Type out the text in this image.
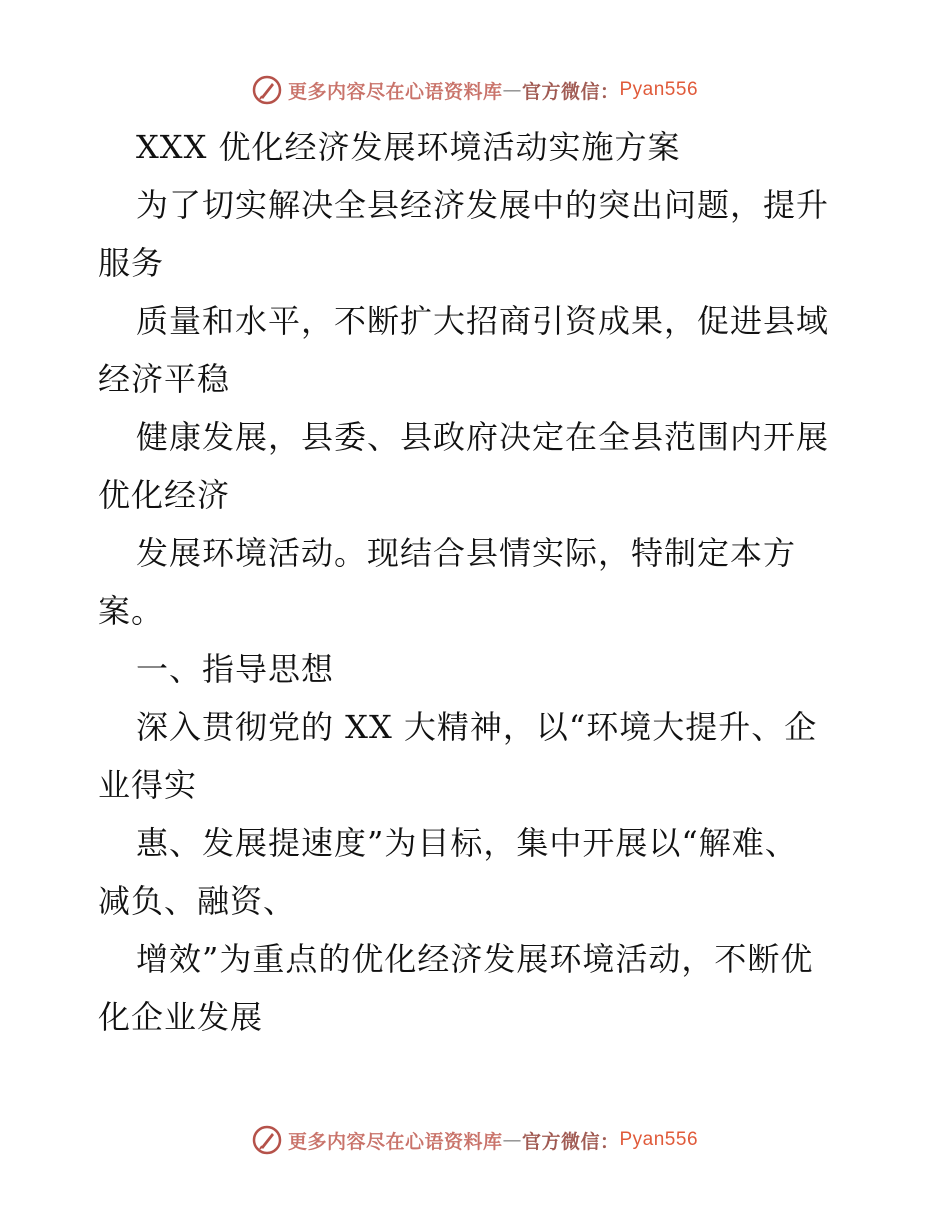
更多内容尽在心语资料库 — 官方微信： Pyan556
XXX 优化经济发展环境活动实施方案
为了切实解决全县经济发展中的突出问题，提升
服务
质量和水平，不断扩大招商引资成果，促进县域
经济平稳
健康发展，县委、县政府决定在全县范围内开展
优化经济
发展环境活动。现结合县情实际，特制定本方
案。
一、指导思想
深入贯彻党的 XX 大精神，以“环境大提升、企
业得实
惠、发展提速度”为目标，集中开展以“解难、
减负、融资、
增效”为重点的优化经济发展环境活动，不断优
化企业发展
更多内容尽在心语资料库 — 官方微信： Pyan556
